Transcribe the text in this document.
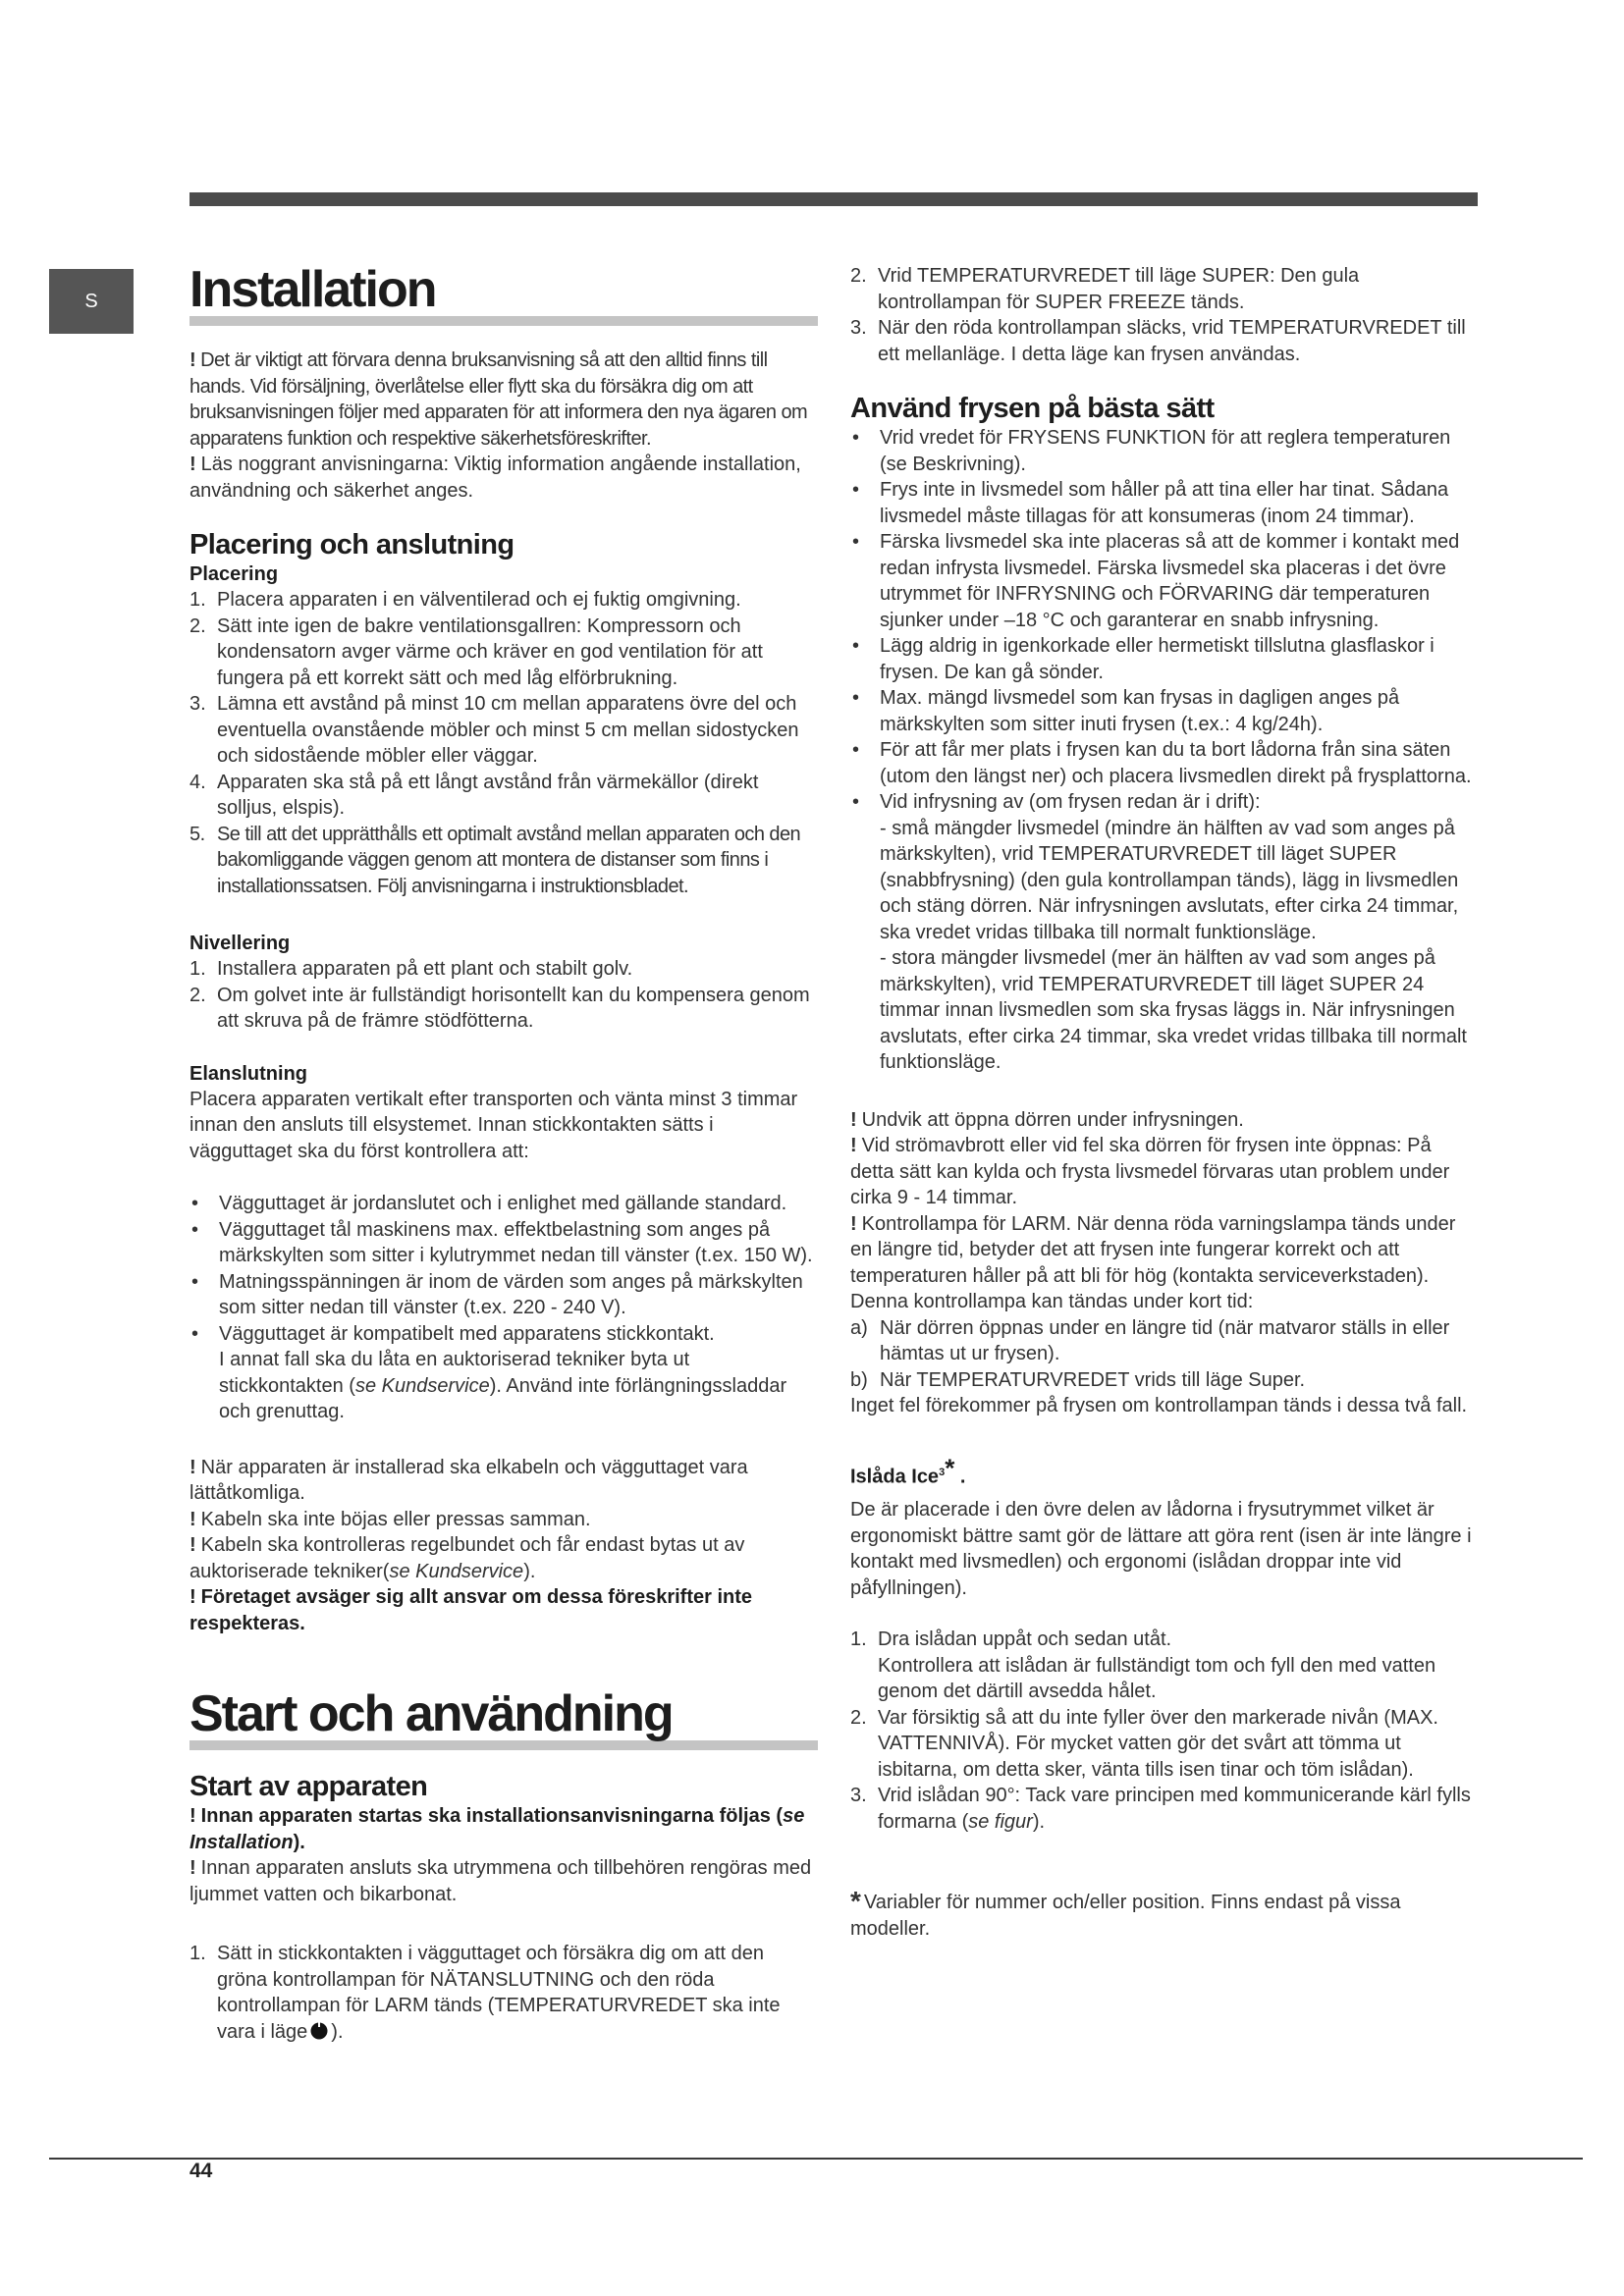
S Installation

! Det är viktigt att förvara denna bruksanvisning så att den alltid finns till hands. Vid försäljning, överlåtelse eller flytt ska du försäkra dig om att bruksanvisningen följer med apparaten för att informera den nya ägaren om apparatens funktion och respektive säkerhetsföreskrifter.

! Läs noggrant anvisningarna: Viktig information angående installation, användning och säkerhet anges.

Placering och anslutning
Placering
1. Placera apparaten i en välventilerad och ej fuktig omgivning.
2. Sätt inte igen de bakre ventilationsgallren: Kompressorn och kondensatorn avger värme och kräver en god ventilation för att fungera på ett korrekt sätt och med låg elförbrukning.
3. Lämna ett avstånd på minst 10 cm mellan apparatens övre del och eventuella ovanstående möbler och minst 5 cm mellan sidostycken och sidostående möbler eller väggar.
4. Apparaten ska stå på ett långt avstånd från värmekällor (direkt solljus, elspis).
5. Se till att det upprätthålls ett optimalt avstånd mellan apparaten och den bakomliggande väggen genom att montera de distanser som finns i installationssatsen. Följ anvisningarna i instruktionsbladet.
Nivellering
1. Installera apparaten på ett plant och stabilt golv.
2. Om golvet inte är fullständigt horisontellt kan du kompensera genom att skruva på de främre stödfötterna.
Elanslutning

Placera apparaten vertikalt efter transporten och vänta minst 3 timmar innan den ansluts till elsystemet. Innan stickkontakten sätts i vägguttaget ska du först kontrollera att:

•
Vägguttaget är jordanslutet och i enlighet med gällande standard.
•
Vägguttaget tål maskinens max. effektbelastning som anges på märkskylten som sitter i kylutrymmet nedan till vänster (t.ex. 150 W).
•
Matningsspänningen är inom de värden som anges på märkskylten som sitter nedan till vänster (t.ex. 220 - 240 V).
•
Vägguttaget är kompatibelt med apparatens stickkontakt.
I annat fall ska du låta en auktoriserad tekniker byta ut stickkontakten (se Kundservice). Använd inte förlängningssladdar och grenuttag.

! När apparaten är installerad ska elkabeln och vägguttaget vara lättåtkomliga.

! Kabeln ska inte böjas eller pressas samman.

! Kabeln ska kontrolleras regelbundet och får endast bytas ut av auktoriserade tekniker(se Kundservice).

! Företaget avsäger sig allt ansvar om dessa föreskrifter inte respekteras.

Start och användning
Start av apparaten

! Innan apparaten startas ska installationsanvisningarna följas (se Installation).

! Innan apparaten ansluts ska utrymmena och tillbehören rengöras med ljummet vatten och bikarbonat.

1. Sätt in stickkontakten i vägguttaget och försäkra dig om att den gröna kontrollampan för NÄTANSLUTNING och den röda kontrollampan för LARM tänds (TEMPERATURVREDET ska inte vara i läge ).
2. Vrid TEMPERATURVREDET till läge SUPER: Den gula kontrollampan för SUPER FREEZE tänds.
3. När den röda kontrollampan släcks, vrid TEMPERATURVREDET till ett mellanläge. I detta läge kan frysen användas.
Använd frysen på bästa sätt
•
Vrid vredet för FRYSENS FUNKTION för att reglera temperaturen (se Beskrivning).
•
Frys inte in livsmedel som håller på att tina eller har tinat. Sådana livsmedel måste tillagas för att konsumeras (inom 24 timmar).
•
Färska livsmedel ska inte placeras så att de kommer i kontakt med redan infrysta livsmedel. Färska livsmedel ska placeras i det övre utrymmet för INFRYSNING och FÖRVARING där temperaturen sjunker under –18 °C och garanterar en snabb infrysning.
•
Lägg aldrig in igenkorkade eller hermetiskt tillslutna glasflaskor i frysen. De kan gå sönder.
•
Max. mängd livsmedel som kan frysas in dagligen anges på märkskylten som sitter inuti frysen (t.ex.: 4 kg/24h).
•
För att får mer plats i frysen kan du ta bort lådorna från sina säten (utom den längst ner) och placera livsmedlen direkt på frysplattorna.
•
Vid infrysning av (om frysen redan är i drift):
- små mängder livsmedel (mindre än hälften av vad som anges på märkskylten), vrid TEMPERATURVREDET till läget SUPER (snabbfrysning) (den gula kontrollampan tänds), lägg in livsmedlen och stäng dörren. När infrysningen avslutats, efter cirka 24 timmar, ska vredet vridas tillbaka till normalt funktionsläge.
- stora mängder livsmedel (mer än hälften av vad som anges på märkskylten), vrid TEMPERATURVREDET till läget SUPER 24 timmar innan livsmedlen som ska frysas läggs in. När infrysningen avslutats, efter cirka 24 timmar, ska vredet vridas tillbaka till normalt funktionsläge.

! Undvik att öppna dörren under infrysningen.

! Vid strömavbrott eller vid fel ska dörren för frysen inte öppnas: På detta sätt kan kylda och frysta livsmedel förvaras utan problem under cirka 9 - 14 timmar.

! Kontrollampa för LARM. När denna röda varningslampa tänds under en längre tid, betyder det att frysen inte fungerar korrekt och att temperaturen håller på att bli för hög (kontakta serviceverkstaden).

Denna kontrollampa kan tändas under kort tid:

a) När dörren öppnas under en längre tid (när matvaror ställs in eller hämtas ut ur frysen).

b) När TEMPERATURVREDET vrids till läge Super.

Inget fel förekommer på frysen om kontrollampan tänds i dessa två fall.

Islåda Ice$^3$* .

De är placerade i den övre delen av lådorna i frysutrymmet vilket är ergonomiskt bättre samt gör de lättare att göra rent (isen är inte längre i kontakt med livsmedlen) och ergonomi (islådan droppar inte vid påfyllningen).

1. Dra islådan uppåt och sedan utåt.
Kontrollera att islådan är fullständigt tom och fyll den med vatten genom det därtill avsedda hålet.
2. Var försiktig så att du inte fyller över den markerade nivån (MAX. VATTENNIVÅ). För mycket vatten gör det svårt att tömma ut isbitarna, om detta sker, vänta tills isen tinar och töm islådan).
3. Vrid islådan 90°: Tack vare principen med kommunicerande kärl fylls formarna (se figur).

* Variabler för nummer och/eller position. Finns endast på vissa modeller.

44
